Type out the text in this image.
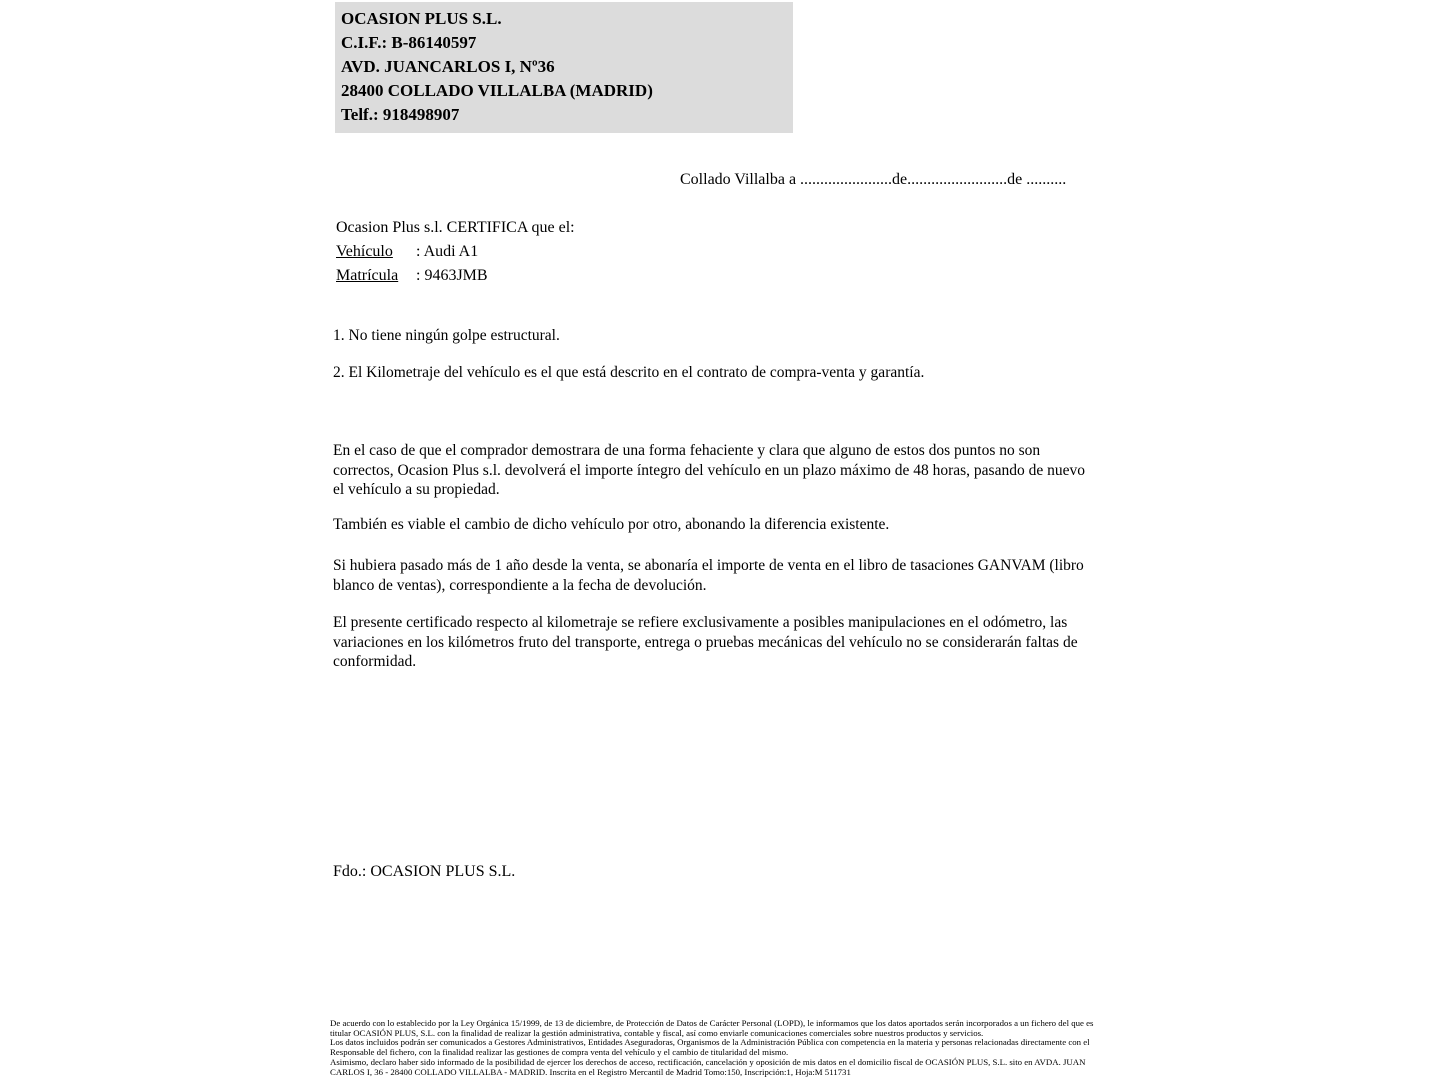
OCASION PLUS S.L.
C.I.F.: B-86140597
AVD. JUANCARLOS I, Nº36
28400 COLLADO VILLALBA (MADRID)
Telf.: 918498907
Collado Villalba a .......................de.........................de ..........
Ocasion Plus s.l. CERTIFICA que el:
Vehículo : Audi A1
Matrícula : 9463JMB
1. No tiene ningún golpe estructural.
2. El Kilometraje del vehículo es el que está descrito en el contrato de compra-venta y garantía.
En el caso de que el comprador demostrara de una forma fehaciente y clara que alguno de estos dos puntos no son correctos, Ocasion Plus s.l. devolverá el importe íntegro del vehículo en un plazo máximo de 48 horas, pasando de nuevo el vehículo a su propiedad.
También es viable el cambio de dicho vehículo por otro, abonando la diferencia existente.
Si hubiera pasado más de 1 año desde la venta, se abonaría el importe de venta en el libro de tasaciones GANVAM (libro blanco de ventas), correspondiente a la fecha de devolución.
El presente certificado respecto al kilometraje se refiere exclusivamente a posibles manipulaciones en el odómetro, las variaciones en los kilómetros fruto del transporte, entrega o pruebas mecánicas del vehículo no se considerarán faltas de conformidad.
Fdo.: OCASION PLUS S.L.

De acuerdo con lo establecido por la Ley Orgánica 15/1999, de 13 de diciembre, de Protección de Datos de Carácter Personal (LOPD), le informamos que los datos aportados serán incorporados a un fichero del que es titular OCASIÓN PLUS, S.L. con la finalidad de realizar la gestión administrativa, contable y fiscal, así como enviarle comunicaciones comerciales sobre nuestros productos y servicios.

Los datos incluidos podrán ser comunicados a Gestores Administrativos, Entidades Aseguradoras, Organismos de la Administración Pública con competencia en la materia y personas relacionadas directamente con el Responsable del fichero, con la finalidad realizar las gestiones de compra venta del vehículo y el cambio de titularidad del mismo.

Asimismo, declaro haber sido informado de la posibilidad de ejercer los derechos de acceso, rectificación, cancelación y oposición de mis datos en el domicilio fiscal de OCASIÓN PLUS, S.L. sito en AVDA. JUAN CARLOS I, 36 - 28400 COLLADO VILLALBA - MADRID. Inscrita en el Registro Mercantil de Madrid Tomo:150, Inscripción:1, Hoja:M 511731
